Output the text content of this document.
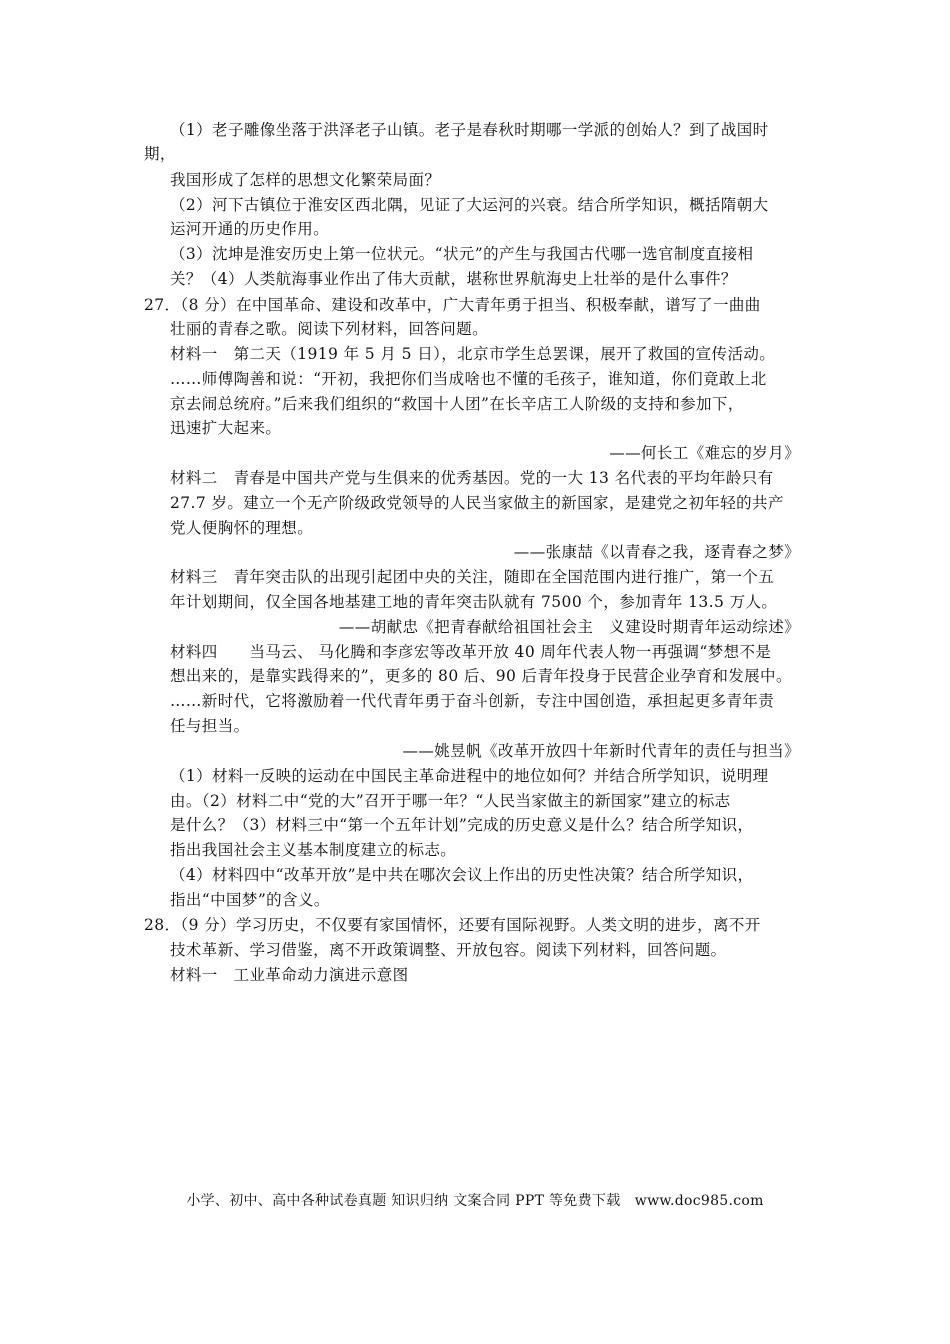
（1）老子雕像坐落于洪泽老子山镇。老子是春秋时期哪一学派的创始人？到了战国时
期，
我国形成了怎样的思想文化繁荣局面？
（2）河下古镇位于淮安区西北隅，见证了大运河的兴衰。结合所学知识，概括隋朝大
运河开通的历史作用。
（3）沈坤是淮安历史上第一位状元。“状元”的产生与我国古代哪一选官制度直接相
关？（4）人类航海事业作出了伟大贡献，堪称世界航海史上壮举的是什么事件？
27．（8 分）在中国革命、建设和改革中，广大青年勇于担当、积极奉献，谱写了一曲曲
壮丽的青春之歌。阅读下列材料，回答问题。
材料一　第二天（1919 年 5 月 5 日），北京市学生总罢课，展开了救国的宣传活动。
……师傅陶善和说：“开初，我把你们当成啥也不懂的毛孩子，谁知道，你们竟敢上北
京去闹总统府。”后来我们组织的“救国十人团”在长辛店工人阶级的支持和参加下，
迅速扩大起来。
——何长工《难忘的岁月》
材料二　青春是中国共产党与生俱来的优秀基因。党的一大 13 名代表的平均年龄只有
27.7 岁。建立一个无产阶级政党领导的人民当家做主的新国家，是建党之初年轻的共产
党人便胸怀的理想。
——张康喆《以青春之我，逐青春之梦》
材料三　青年突击队的出现引起团中央的关注，随即在全国范围内进行推广，第一个五
年计划期间，仅全国各地基建工地的青年突击队就有 7500 个，参加青年 13.5 万人。
——胡献忠《把青春献给祖国社会主　义建设时期青年运动综述》
材料四　　当马云、 马化腾和李彦宏等改革开放 40 周年代表人物一再强调“梦想不是
想出来的，是靠实践得来的”，更多的 80 后、90 后青年投身于民营企业孕育和发展中。
……新时代，它将激励着一代代青年勇于奋斗创新，专注中国创造，承担起更多青年责
任与担当。
——姚昱帆《改革开放四十年新时代青年的责任与担当》
（1）材料一反映的运动在中国民主革命进程中的地位如何？并结合所学知识，说明理
由。（2）材料二中“党的大”召开于哪一年？“人民当家做主的新国家”建立的标志
是什么？（3）材料三中“第一个五年计划”完成的历史意义是什么？结合所学知识，
指出我国社会主义基本制度建立的标志。
（4）材料四中“改革开放”是中共在哪次会议上作出的历史性决策？结合所学知识，
指出“中国梦”的含义。
28．（9 分）学习历史，不仅要有家国情怀，还要有国际视野。人类文明的进步，离不开
技术革新、学习借鉴，离不开政策调整、开放包容。阅读下列材料，回答问题。
材料一　工业革命动力演进示意图
小学、初中、高中各种试卷真题 知识归纳 文案合同 PPT 等免费下载　www.doc985.com
